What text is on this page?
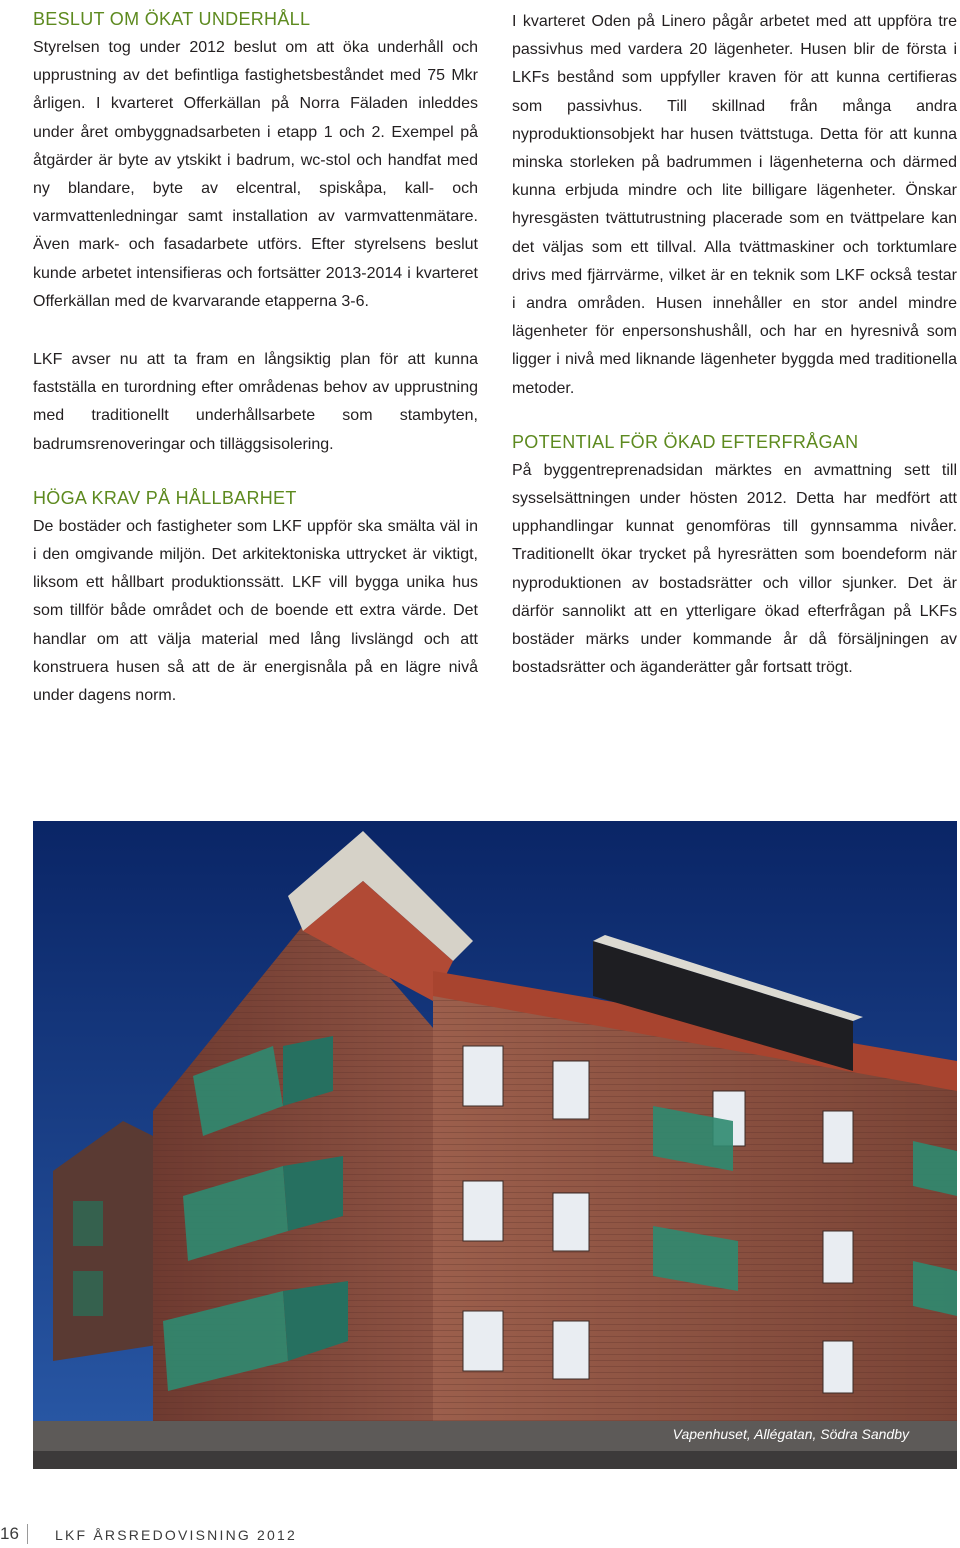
BESLUT OM ÖKAT UNDERHÅLL

Styrelsen tog under 2012 beslut om att öka underhåll och upprustning av det befintliga fastighetsbeståndet med 75 Mkr årligen. I kvarteret Offerkällan på Norra Fäladen inleddes under året ombyggnadsarbeten i etapp 1 och 2. Exempel på åtgärder är byte av ytskikt i badrum, wc-stol och handfat med ny blandare, byte av elcentral, spiskåpa, kall- och varmvattenledningar samt installation av varmvattenmätare. Även mark- och fasadarbete utförs. Efter styrelsens beslut kunde arbetet intensifieras och fortsätter 2013-2014 i kvarteret Offerkällan med de kvarvarande etapperna 3-6.

LKF avser nu att ta fram en långsiktig plan för att kunna fastställa en turordning efter områdenas behov av upprustning med traditionellt underhållsarbete som stambyten, badrumsrenoveringar och tilläggsisolering.

HÖGA KRAV PÅ HÅLLBARHET

De bostäder och fastigheter som LKF uppför ska smälta väl in i den omgivande miljön. Det arkitektoniska uttrycket är viktigt, liksom ett hållbart produktionssätt. LKF vill bygga unika hus som tillför både området och de boende ett extra värde. Det handlar om att välja material med lång livslängd och att konstruera husen så att de är energisnåla på en lägre nivå under dagens norm.

I kvarteret Oden på Linero pågår arbetet med att uppföra tre passivhus med vardera 20 lägenheter. Husen blir de första i LKFs bestånd som uppfyller kraven för att kunna certifieras som passivhus. Till skillnad från många andra nyproduktionsobjekt har husen tvättstuga. Detta för att kunna minska storleken på badrummen i lägenheterna och därmed kunna erbjuda mindre och lite billigare lägenheter. Önskar hyresgästen tvättutrustning placerade som en tvättpelare kan det väljas som ett tillval. Alla tvättmaskiner och torktumlare drivs med fjärrvärme, vilket är en teknik som LKF också testar i andra områden. Husen innehåller en stor andel mindre lägenheter för enpersonshushåll, och har en hyresnivå som ligger i nivå med liknande lägenheter byggda med traditionella metoder.

POTENTIAL FÖR ÖKAD EFTERFRÅGAN

På byggentreprenadsidan märktes en avmattning sett till sysselsättningen under hösten 2012. Detta har medfört att upphandlingar kunnat genomföras till gynnsamma nivåer. Traditionellt ökar trycket på hyresrätten som boendeform när nyproduktionen av bostadsrätter och villor sjunker. Det är därför sannolikt att en ytterligare ökad efterfrågan på LKFs bostäder märks under kommande år då försäljningen av bostadsrätter och äganderätter går fortsatt trögt.

Vapenhuset, Allégatan, Södra Sandby
16	LKF ÅRSREDOVISNING 2012
